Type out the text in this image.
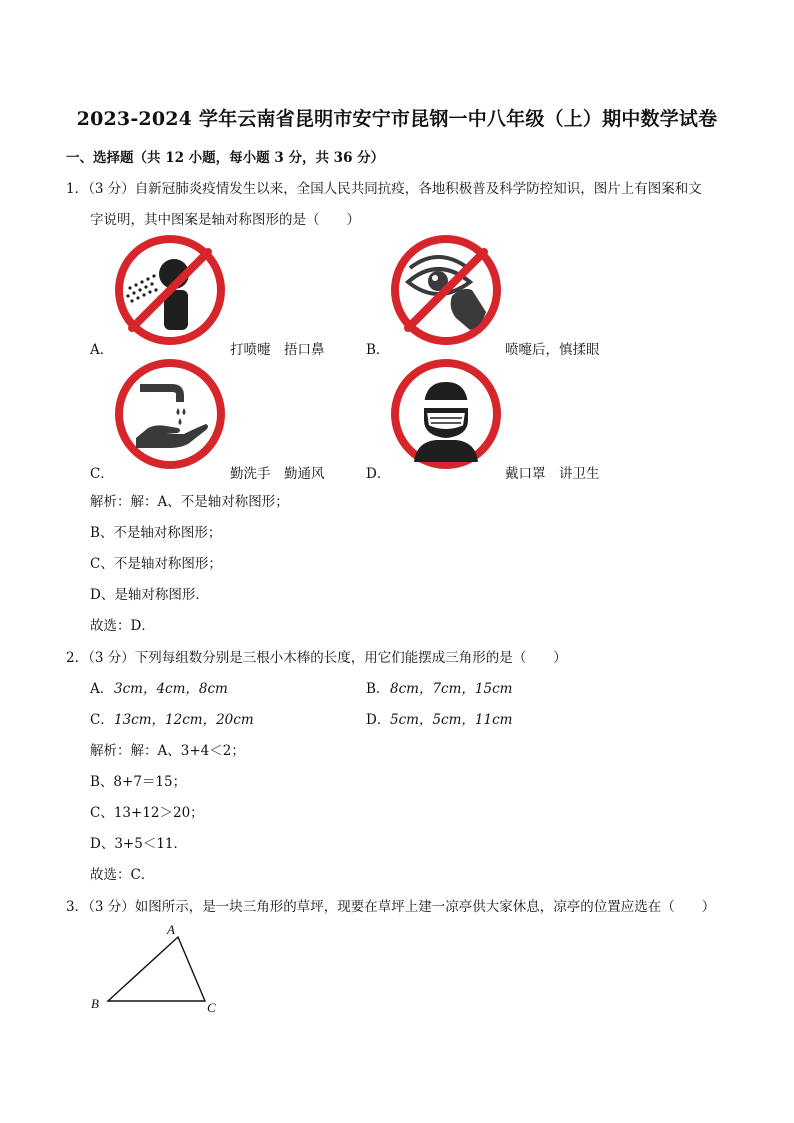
2023-2024 学年云南省昆明市安宁市昆钢一中八年级（上）期中数学试卷
一、选择题（共 12 小题，每小题 3 分，共 36 分）
1．（3 分）自新冠肺炎疫情发生以来，全国人民共同抗疫，各地积极普及科学防控知识，图片上有图案和文
字说明，其中图案是轴对称图形的是（　　）
A．	打喷嚏　捂口鼻	B．	喷嚏后，慎揉眼
C．	勤洗手　勤通风	D．	戴口罩　讲卫生
解析：解：A、不是轴对称图形；
B、不是轴对称图形；
C、不是轴对称图形；
D、是轴对称图形．
故选：D．
2．（3 分）下列每组数分别是三根小木棒的长度，用它们能摆成三角形的是（　　）
A． 3cm，4cm，8cm	B． 8cm，7cm，15cm
C． 13cm，12cm，20cm	D． 5cm，5cm，11cm
解析：解：A、3+4＜2；
B、8+7＝15；
C、13+12＞20；
D、3+5＜11．
故选：C．
3．（3 分）如图所示，是一块三角形的草坪，现要在草坪上建一凉亭供大家休息，凉亭的位置应选在（　　）
A
B	C
